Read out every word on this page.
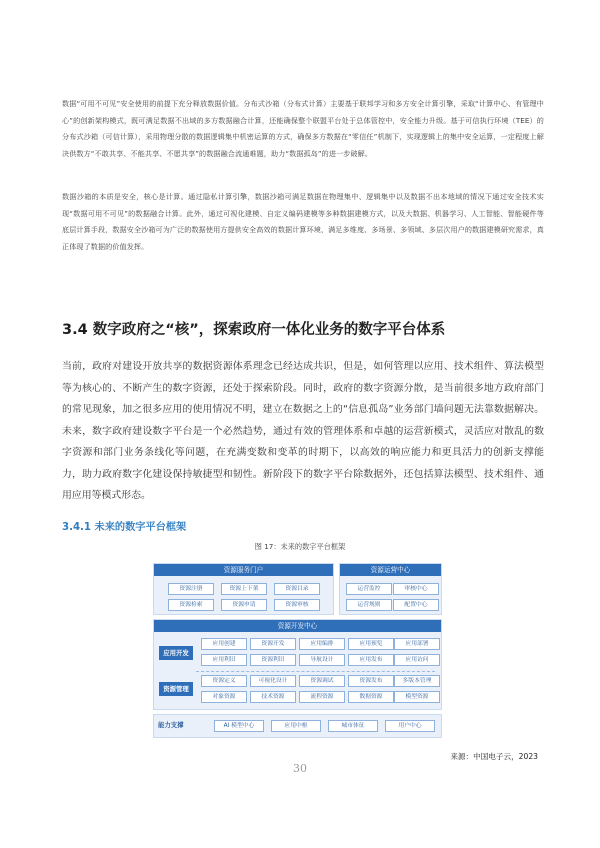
数据“可用不可见”安全使用的前提下充分释放数据价值。分布式沙箱（分布式计算）主要基于联邦学习和多方安全计算引擎，采取“计算中心、有管理中心”的创新架构模式，既可满足数据不出域的多方数据融合计算，还能确保整个联盟平台处于总体管控中，安全能力升级。基于可信执行环境（TEE）的分布式沙箱（可信计算），采用物理分散的数据逻辑集中机密运算的方式，确保多方数据在“零信任”机制下，实现逻辑上的集中安全运算，一定程度上解决供数方“不敢共享、不能共享、不愿共享”的数据融合流通难题，助力“数据孤岛”的进一步破解。
数据沙箱的本质是安全，核心是计算。通过隐私计算引擎，数据沙箱可满足数据在物理集中、逻辑集中以及数据不出本地域的情况下通过安全技术实现“数据可用不可见”的数据融合计算。此外，通过可视化建模、自定义编码建模等多种数据建模方式，以及大数据、机器学习、人工智能、智能硬件等底层计算手段，数据安全沙箱可为广泛的数据使用方提供安全高效的数据计算环境，满足多维度、多场景、多领域、多层次用户的数据建模研究需求，真正体现了数据的价值发挥。
3.4 数字政府之“核”，探索政府一体化业务的数字平台体系
当前，政府对建设开放共享的数据资源体系理念已经达成共识，但是，如何管理以应用、技术组件、算法模型等为核心的、不断产生的数字资源，还处于探索阶段。同时，政府的数字资源分散，是当前很多地方政府部门的常见现象，加之很多应用的使用情况不明，建立在数据之上的“信息孤岛”业务部门墙问题无法靠数据解决。未来，数字政府建设数字平台是一个必然趋势，通过有效的管理体系和卓越的运营新模式，灵活应对散乱的数字资源和部门业务条线化等问题，在充满变数和变革的时期下，以高效的响应能力和更具活力的创新支撑能力，助力政府数字化建设保持敏捷型和韧性。新阶段下的数字平台除数据外，还包括算法模型、技术组件、通用应用等模式形态。
3.4.1 未来的数字平台框架
图 17：未来的数字平台框架
资源服务门户
资源注册	资源上下架	资源目录
资源检索	资源申请	资源审核
资源运营中心
运营监控	审核中心
运营规则	配置中心
资源开发中心
应用开发
应用创建	资源开发	应用编排	应用预览	应用部署
应用利旧	资源利旧	导航设计	应用发布	应用访问
资源管理
资源定义	可视化设计	资源调试	资源发布	多版本管理
对象资源	技术资源	流程资源	数据资源	模型资源
能力支撑	AI 模型中心	应用中枢	城市体征	用户中心
来源：中国电子云，2023
30
